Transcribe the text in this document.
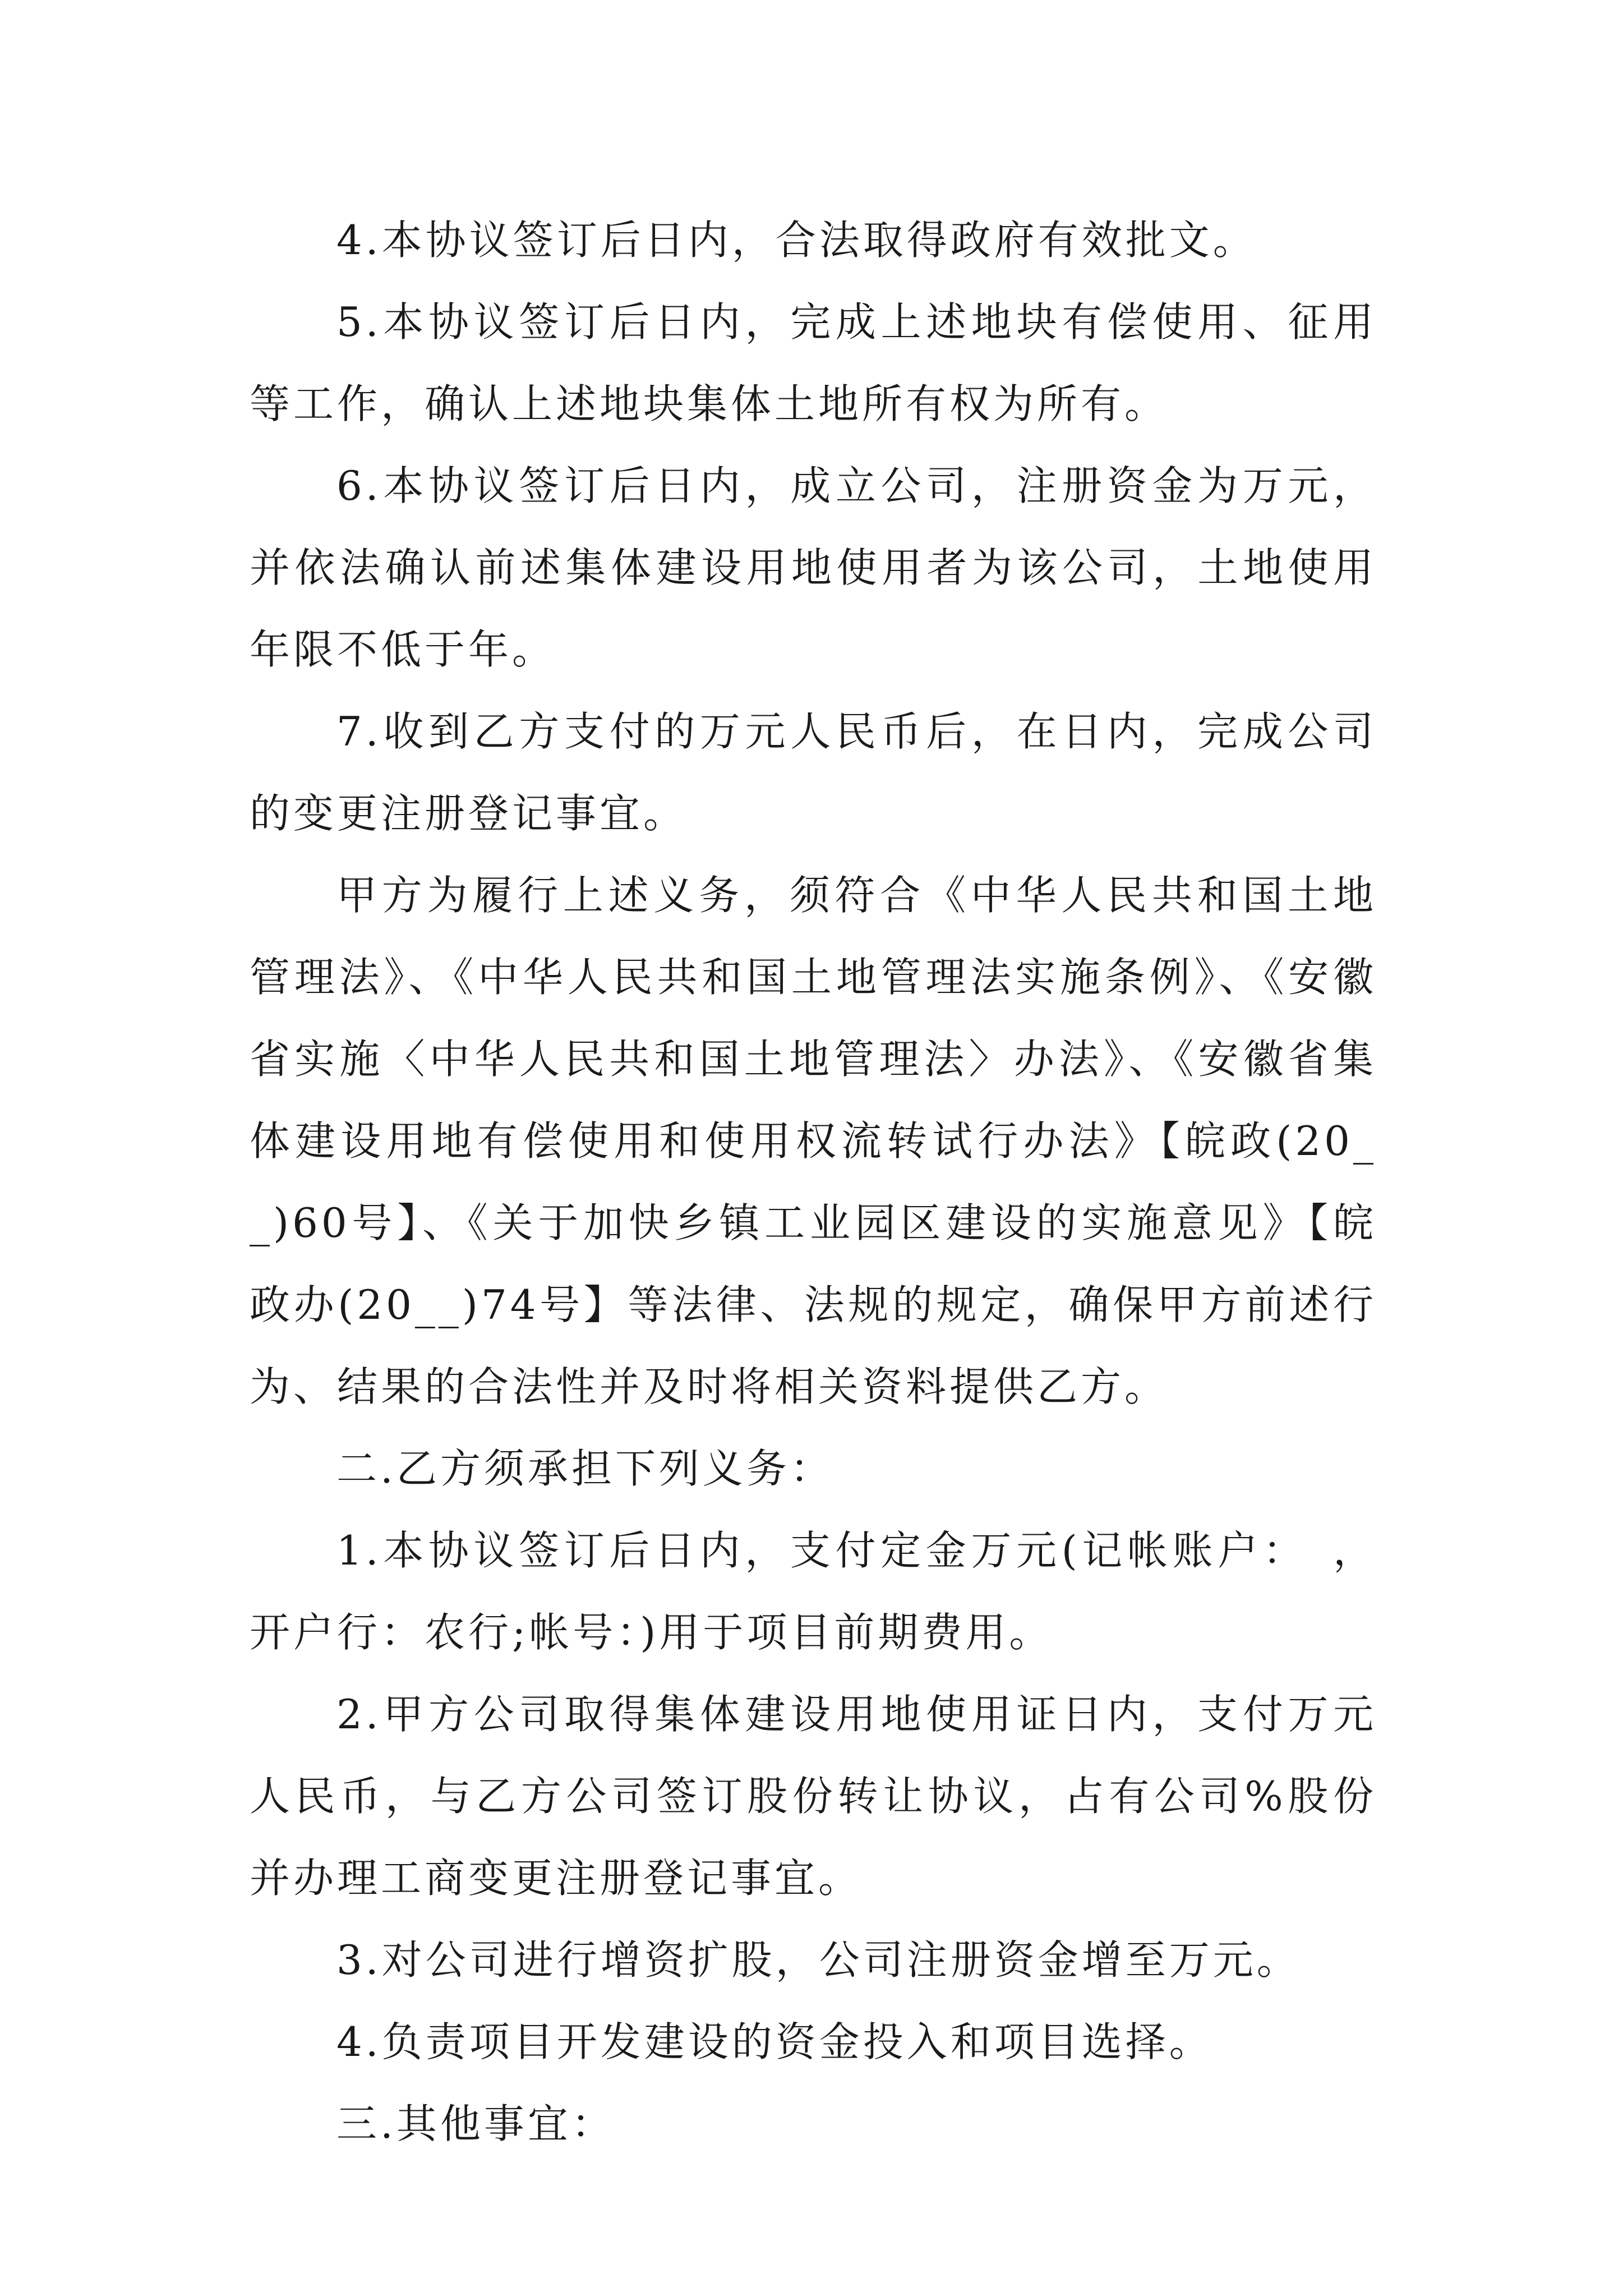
4.本协议签订后日内，合法取得政府有效批文。

5.本协议签订后日内，完成上述地块有偿使用、征用等工作，确认上述地块集体土地所有权为所有。

6.本协议签订后日内，成立公司，注册资金为万元，并依法确认前述集体建设用地使用者为该公司，土地使用年限不低于年。

7.收到乙方支付的万元人民币后，在日内，完成公司的变更注册登记事宜。

甲方为履行上述义务，须符合《中华人民共和国土地管理法》、《中华人民共和国土地管理法实施条例》、《安徽省实施〈中华人民共和国土地管理法〉办法》、《安徽省集体建设用地有偿使用和使用权流转试行办法》【皖政(20__)60号】、《关于加快乡镇工业园区建设的实施意见》【皖政办(20__)74号】等法律、法规的规定，确保甲方前述行为、结果的合法性并及时将相关资料提供乙方。

二.乙方须承担下列义务：

1.本协议签订后日内，支付定金万元(记帐账户：　，开户行：农行;帐号：)用于项目前期费用。

2.甲方公司取得集体建设用地使用证日内，支付万元人民币，与乙方公司签订股份转让协议，占有公司%股份并办理工商变更注册登记事宜。

3.对公司进行增资扩股，公司注册资金增至万元。

4.负责项目开发建设的资金投入和项目选择。

三.其他事宜：
